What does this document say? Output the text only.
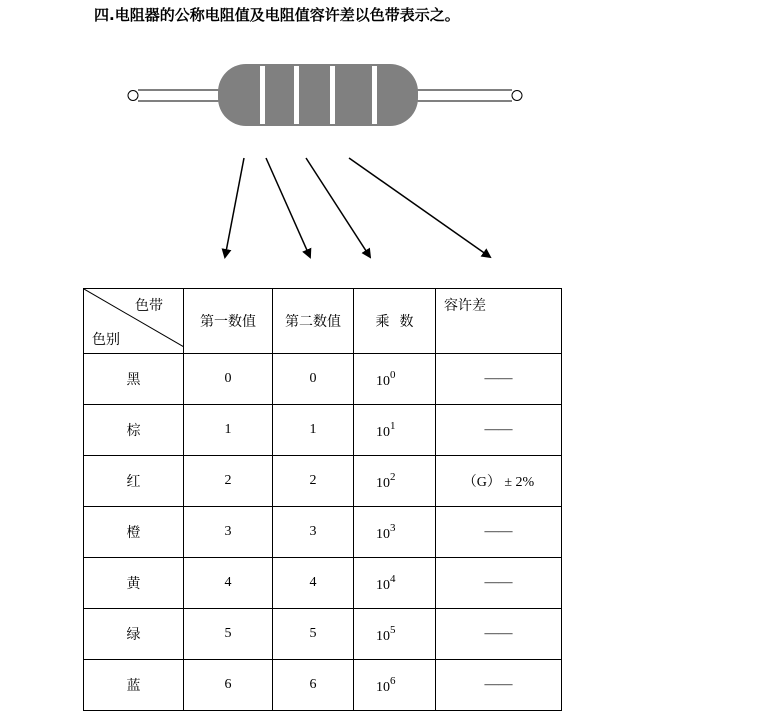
四.电阻器的公称电阻值及电阻值容许差以色带表示之。
色带
色别	第一数值	第二数值	乘 数	容许差
黑	0	0	$10^0$	——
棕	1	1	$10^1$	——
红	2	2	$10^2$	（G） ± 2%
橙	3	3	$10^3$	——
黄	4	4	$10^4$	——
绿	5	5	$10^5$	——
蓝	6	6	$10^6$	——
